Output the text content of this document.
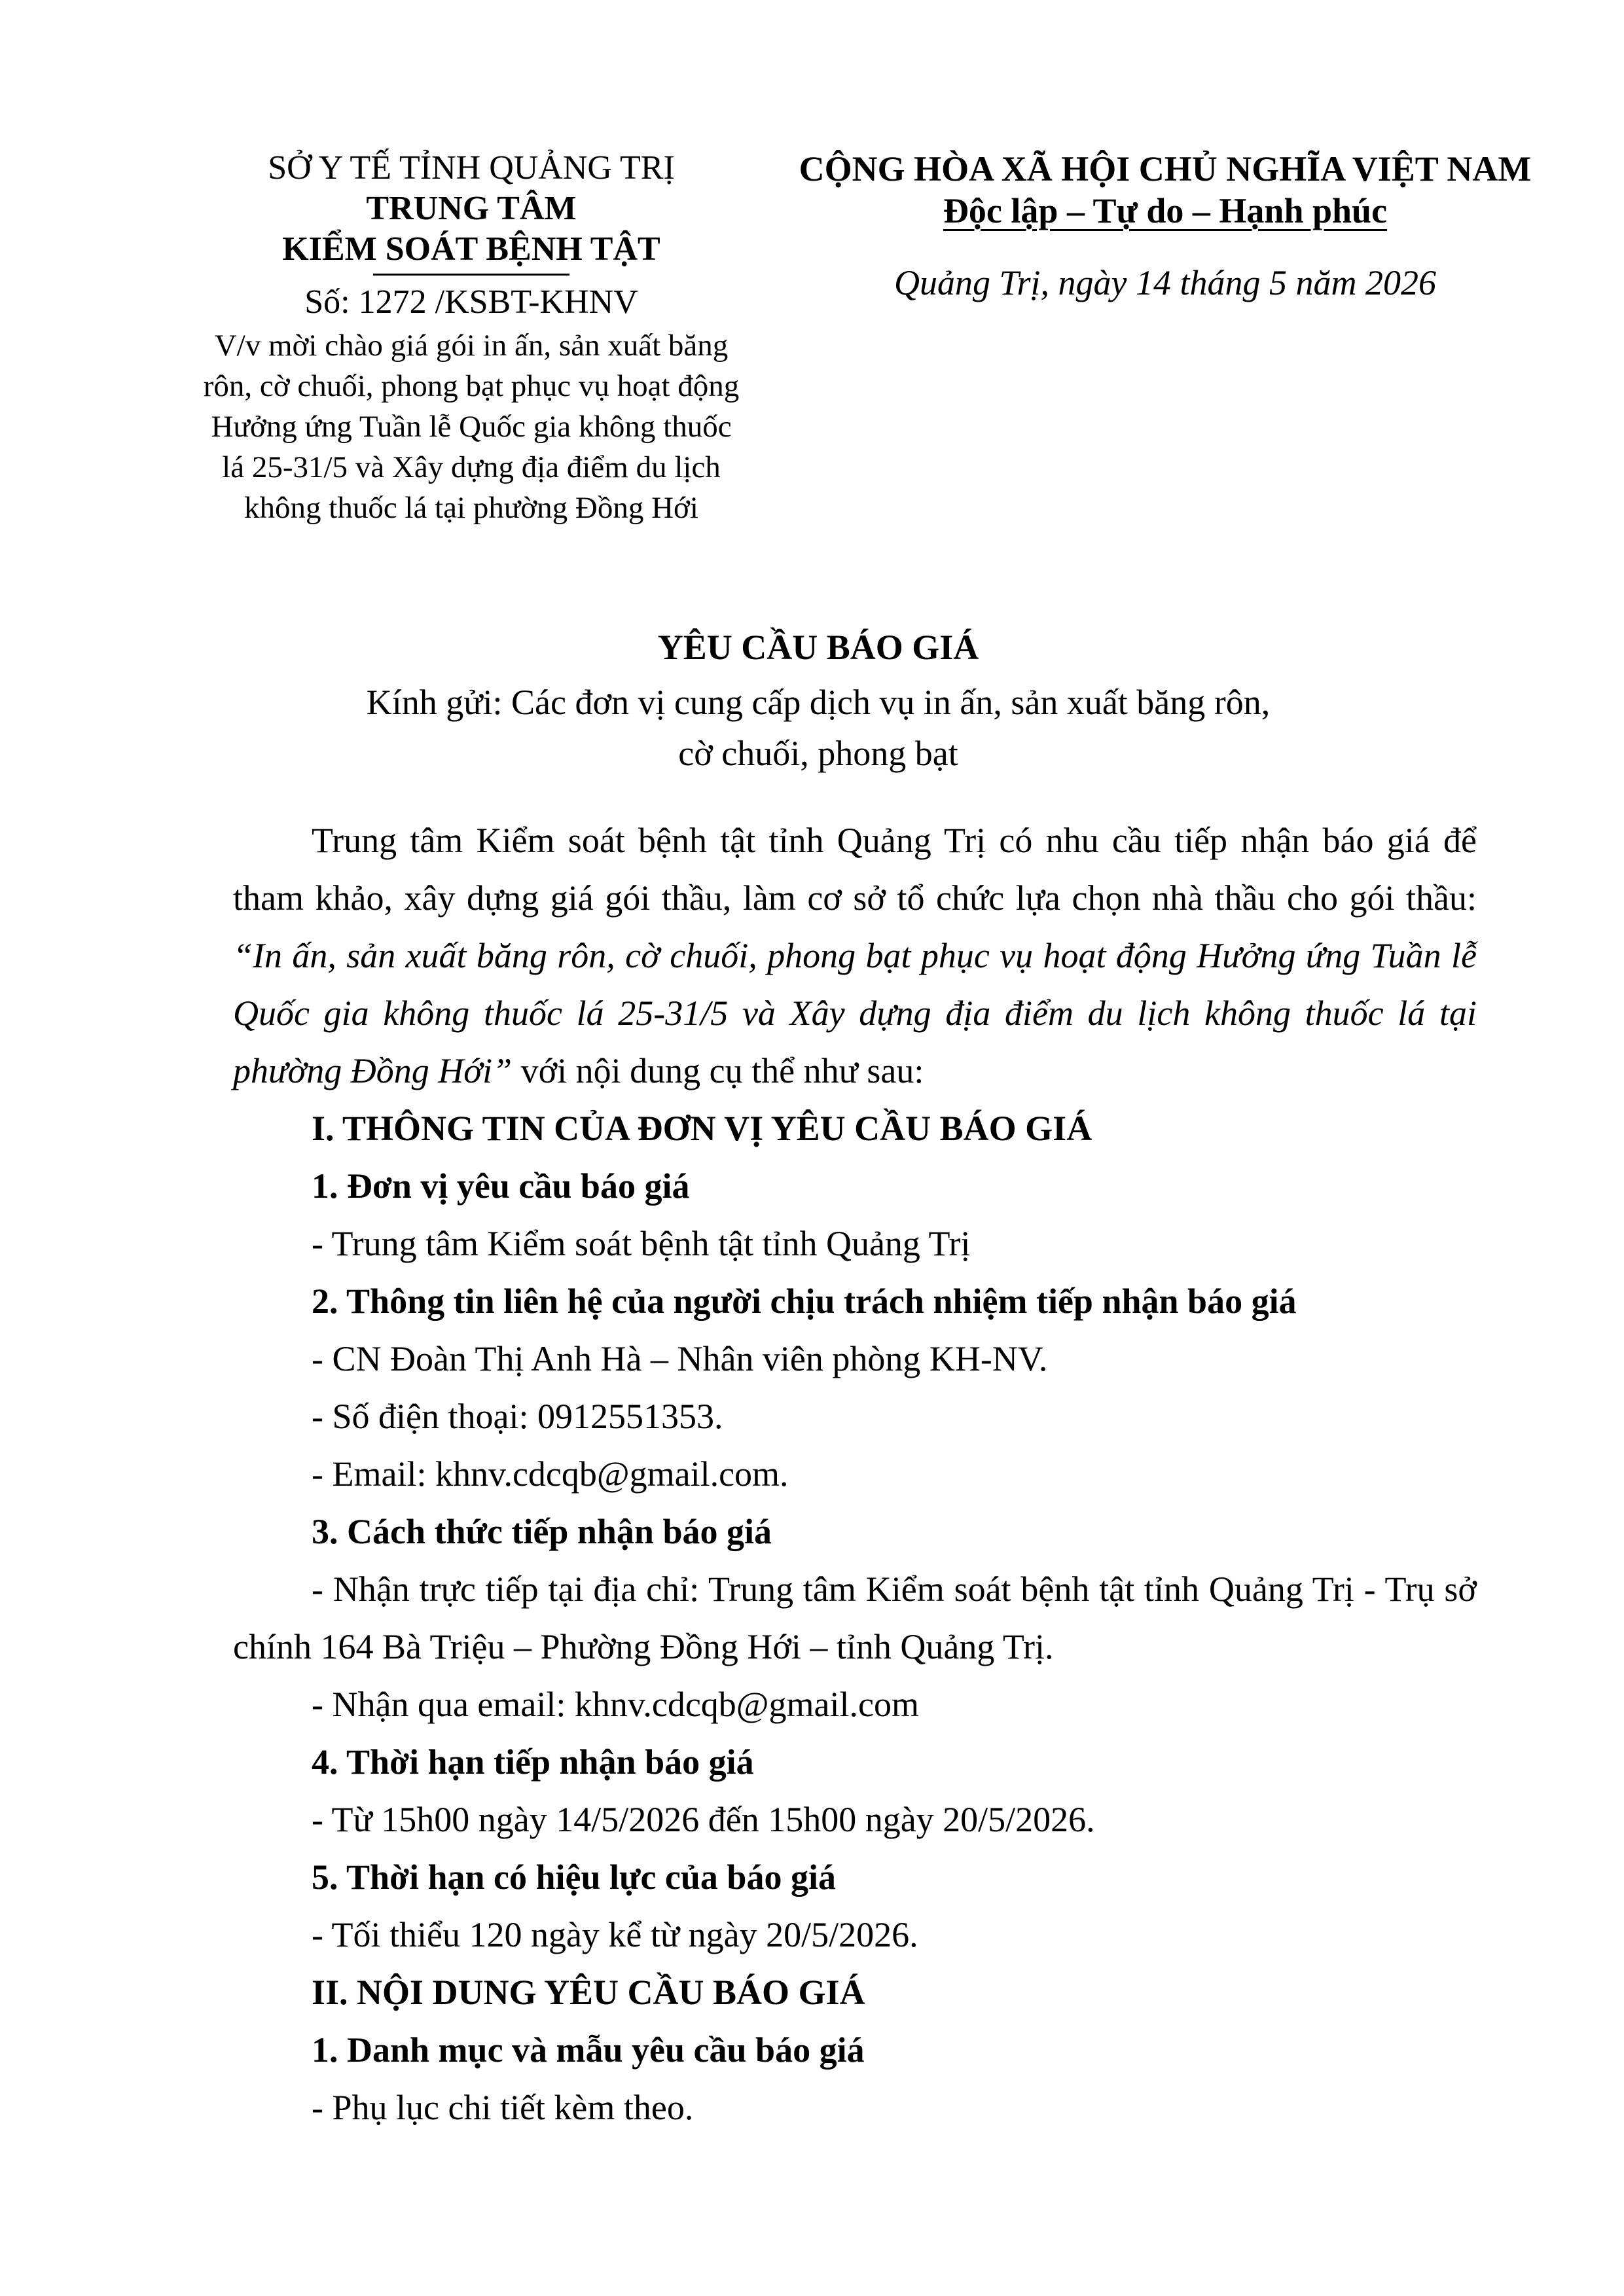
SỞ Y TẾ TỈNH QUẢNG TRỊ
TRUNG TÂM
KIỂM SOÁT BỆNH TẬT
Số: 1272 /KSBT-KHNV
V/v mời chào giá gói in ấn, sản xuất băng
rôn, cờ chuối, phong bạt phục vụ hoạt động
Hưởng ứng Tuần lễ Quốc gia không thuốc
lá 25-31/5 và Xây dựng địa điểm du lịch
không thuốc lá tại phường Đồng Hới
CỘNG HÒA XÃ HỘI CHỦ NGHĨA VIỆT NAM
Độc lập – Tự do – Hạnh phúc
Quảng Trị, ngày 14 tháng 5 năm 2026
YÊU CẦU BÁO GIÁ
Kính gửi: Các đơn vị cung cấp dịch vụ in ấn, sản xuất băng rôn,
cờ chuối, phong bạt

Trung tâm Kiểm soát bệnh tật tỉnh Quảng Trị có nhu cầu tiếp nhận báo giá để tham khảo, xây dựng giá gói thầu, làm cơ sở tổ chức lựa chọn nhà thầu cho gói thầu: “In ấn, sản xuất băng rôn, cờ chuối, phong bạt phục vụ hoạt động Hưởng ứng Tuần lễ Quốc gia không thuốc lá 25-31/5 và Xây dựng địa điểm du lịch không thuốc lá tại phường Đồng Hới” với nội dung cụ thể như sau:

I. THÔNG TIN CỦA ĐƠN VỊ YÊU CẦU BÁO GIÁ

1. Đơn vị yêu cầu báo giá

- Trung tâm Kiểm soát bệnh tật tỉnh Quảng Trị

2. Thông tin liên hệ của người chịu trách nhiệm tiếp nhận báo giá

- CN Đoàn Thị Anh Hà – Nhân viên phòng KH-NV.

- Số điện thoại: 0912551353.

- Email: khnv.cdcqb@gmail.com.

3. Cách thức tiếp nhận báo giá

- Nhận trực tiếp tại địa chỉ: Trung tâm Kiểm soát bệnh tật tỉnh Quảng Trị - Trụ sở chính 164 Bà Triệu – Phường Đồng Hới – tỉnh Quảng Trị.

- Nhận qua email: khnv.cdcqb@gmail.com

4. Thời hạn tiếp nhận báo giá

- Từ 15h00 ngày 14/5/2026 đến 15h00 ngày 20/5/2026.

5. Thời hạn có hiệu lực của báo giá

- Tối thiểu 120 ngày kể từ ngày 20/5/2026.

II. NỘI DUNG YÊU CẦU BÁO GIÁ

1. Danh mục và mẫu yêu cầu báo giá

- Phụ lục chi tiết kèm theo.
